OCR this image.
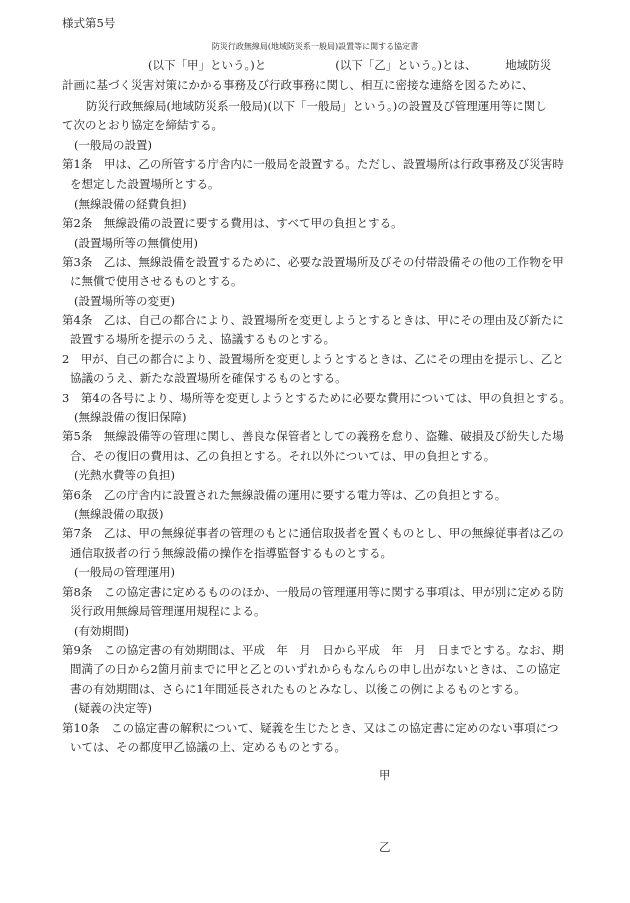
様式第5号
防災行政無線局(地域防災系一般局)設置等に関する協定書
(以下「甲」という。)と　　　　　　(以下「乙」という。)とは、　　　地域防災
計画に基づく災害対策にかかる事務及び行政事務に関し、相互に密接な連絡を図るために、
防災行政無線局(地域防災系一般局)(以下「一般局」という。)の設置及び管理運用等に関し
て次のとおり協定を締結する。
(一般局の設置)
第1条　甲は、乙の所管する庁舎内に一般局を設置する。ただし、設置場所は行政事務及び災害時
を想定した設置場所とする。
(無線設備の経費負担)
第2条　無線設備の設置に要する費用は、すべて甲の負担とする。
(設置場所等の無償使用)
第3条　乙は、無線設備を設置するために、必要な設置場所及びその付帯設備その他の工作物を甲
に無償で使用させるものとする。
(設置場所等の変更)
第4条　乙は、自己の都合により、設置場所を変更しようとするときは、甲にその理由及び新たに
設置する場所を提示のうえ、協議するものとする。
2　甲が、自己の都合により、設置場所を変更しようとするときは、乙にその理由を提示し、乙と
協議のうえ、新たな設置場所を確保するものとする。
3　第4の各号により、場所等を変更しようとするために必要な費用については、甲の負担とする。
(無線設備の復旧保障)
第5条　無線設備等の管理に関し、善良な保管者としての義務を怠り、盗難、破損及び紛失した場
合、その復旧の費用は、乙の負担とする。それ以外については、甲の負担とする。
(光熱水費等の負担)
第6条　乙の庁舎内に設置された無線設備の運用に要する電力等は、乙の負担とする。
(無線設備の取扱)
第7条　乙は、甲の無線従事者の管理のもとに通信取扱者を置くものとし、甲の無線従事者は乙の
通信取扱者の行う無線設備の操作を指導監督するものとする。
(一般局の管理運用)
第8条　この協定書に定めるもののほか、一般局の管理運用等に関する事項は、甲が別に定める防
災行政用無線局管理運用規程による。
(有効期間)
第9条　この協定書の有効期間は、平成　年　月　日から平成　年　月　日までとする。なお、期
間満了の日から2箇月前までに甲と乙とのいずれからもなんらの申し出がないときは、この協定
書の有効期間は、さらに1年間延長されたものとみなし、以後この例によるものとする。
(疑義の決定等)
第10条　この協定書の解釈について、疑義を生じたとき、又はこの協定書に定めのない事項につ
いては、その都度甲乙協議の上、定めるものとする。
甲
乙
